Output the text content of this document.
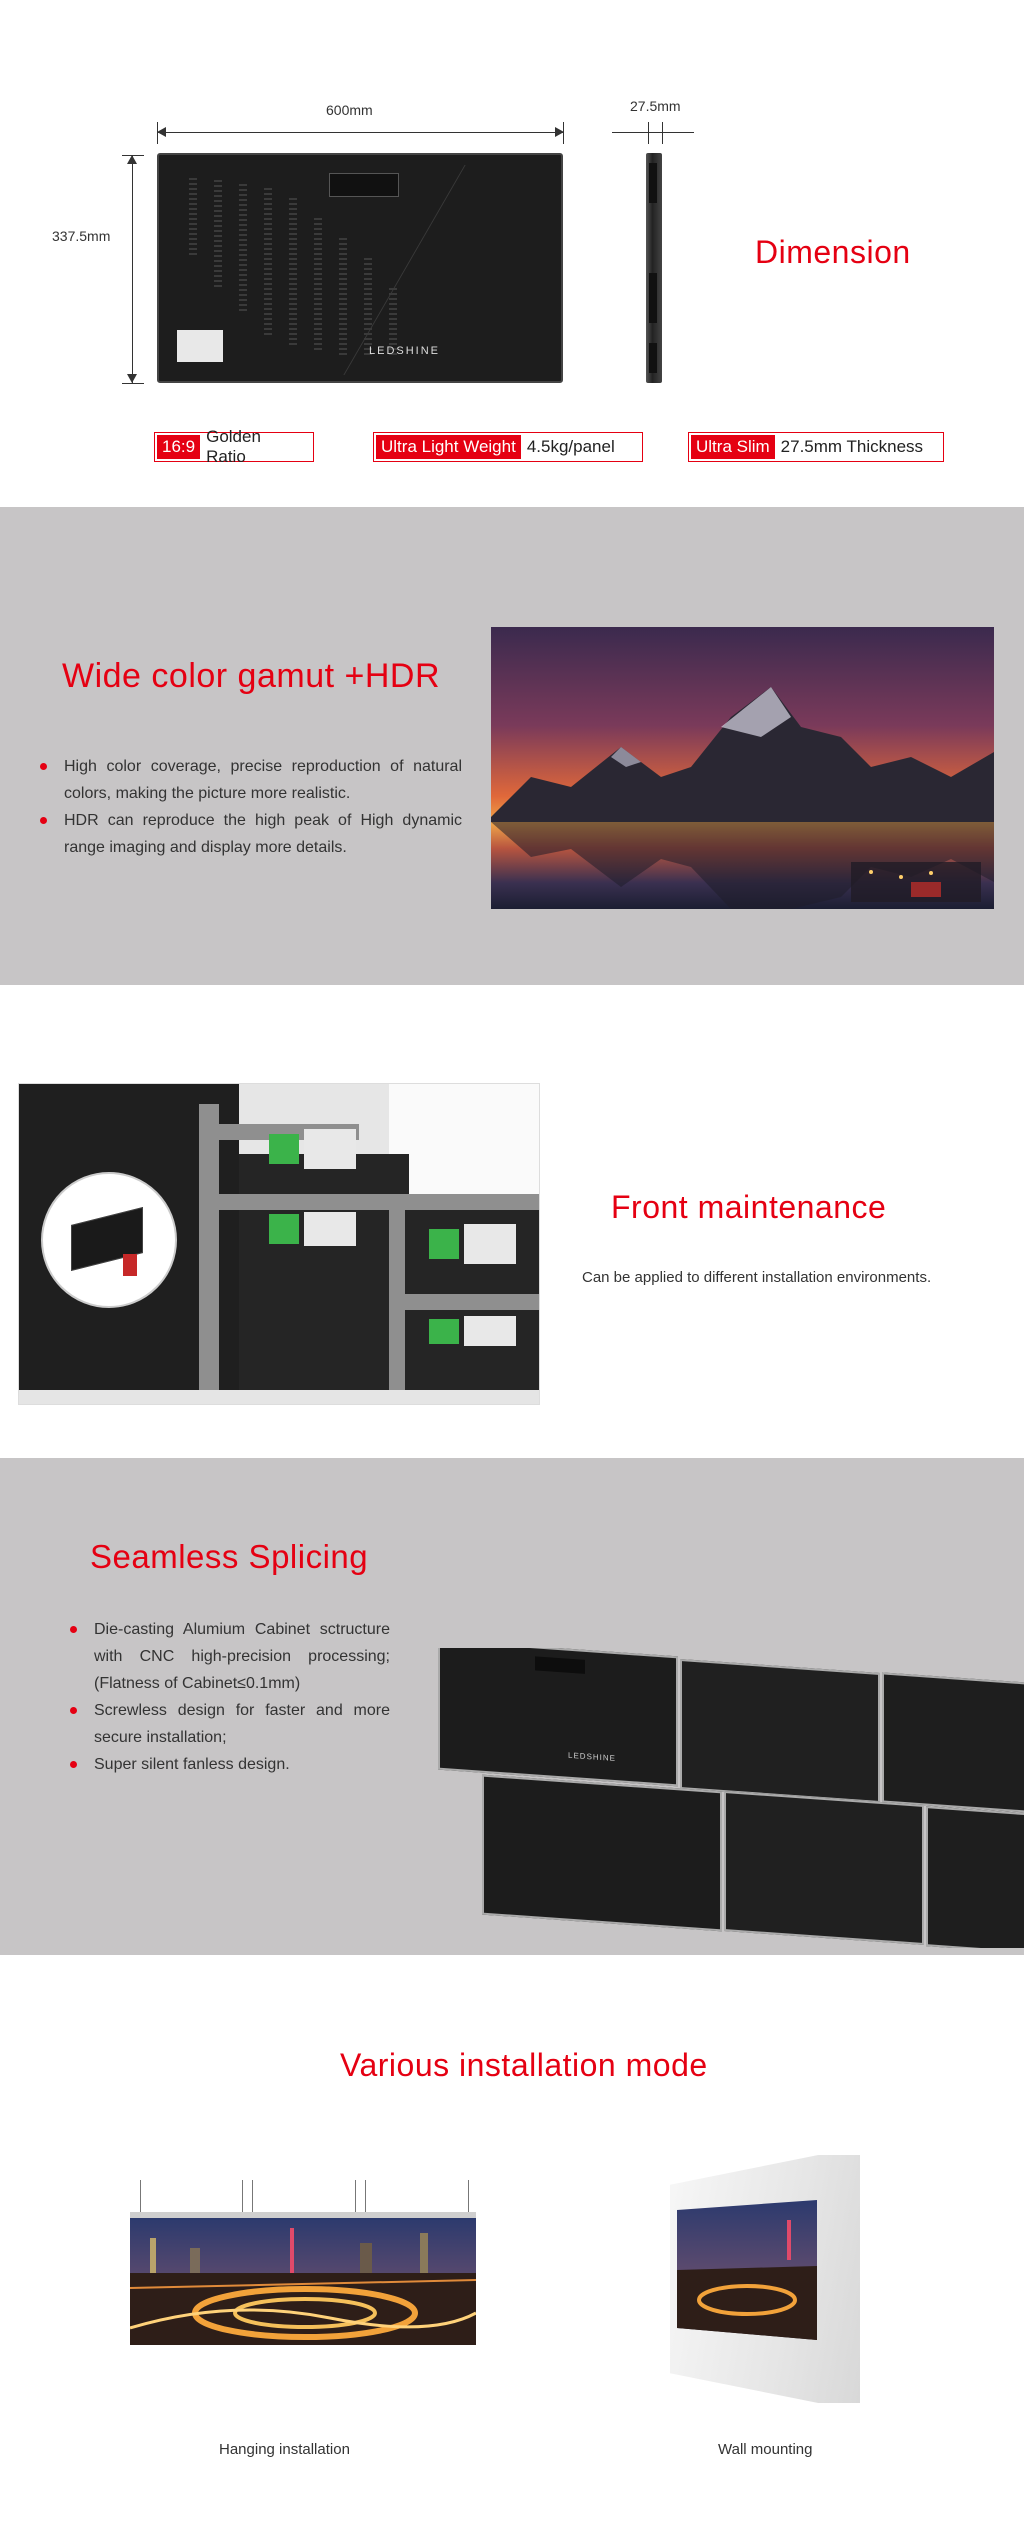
600mm
337.5mm
LEDSHINE
27.5mm
Dimension
16:9
Golden Ratio
Ultra Light Weight 4.5kg/panel	Ultra Slim 27.5mm Thickness
Wide color gamut +HDR
High color coverage, precise reproduction of natural colors, making the picture more realistic.
HDR can reproduce the high peak of High dynamic range imaging and display more details.
Front maintenance
Can be applied to different installation environments.
Seamless Splicing
Die-casting Alumium Cabinet sctructure with CNC high-precision processing; (Flatness of Cabinet≤0.1mm)
Screwless design for faster and more secure installation;
Super silent fanless design.	LEDSHINE
Various installation mode
Hanging installation	Wall mounting
